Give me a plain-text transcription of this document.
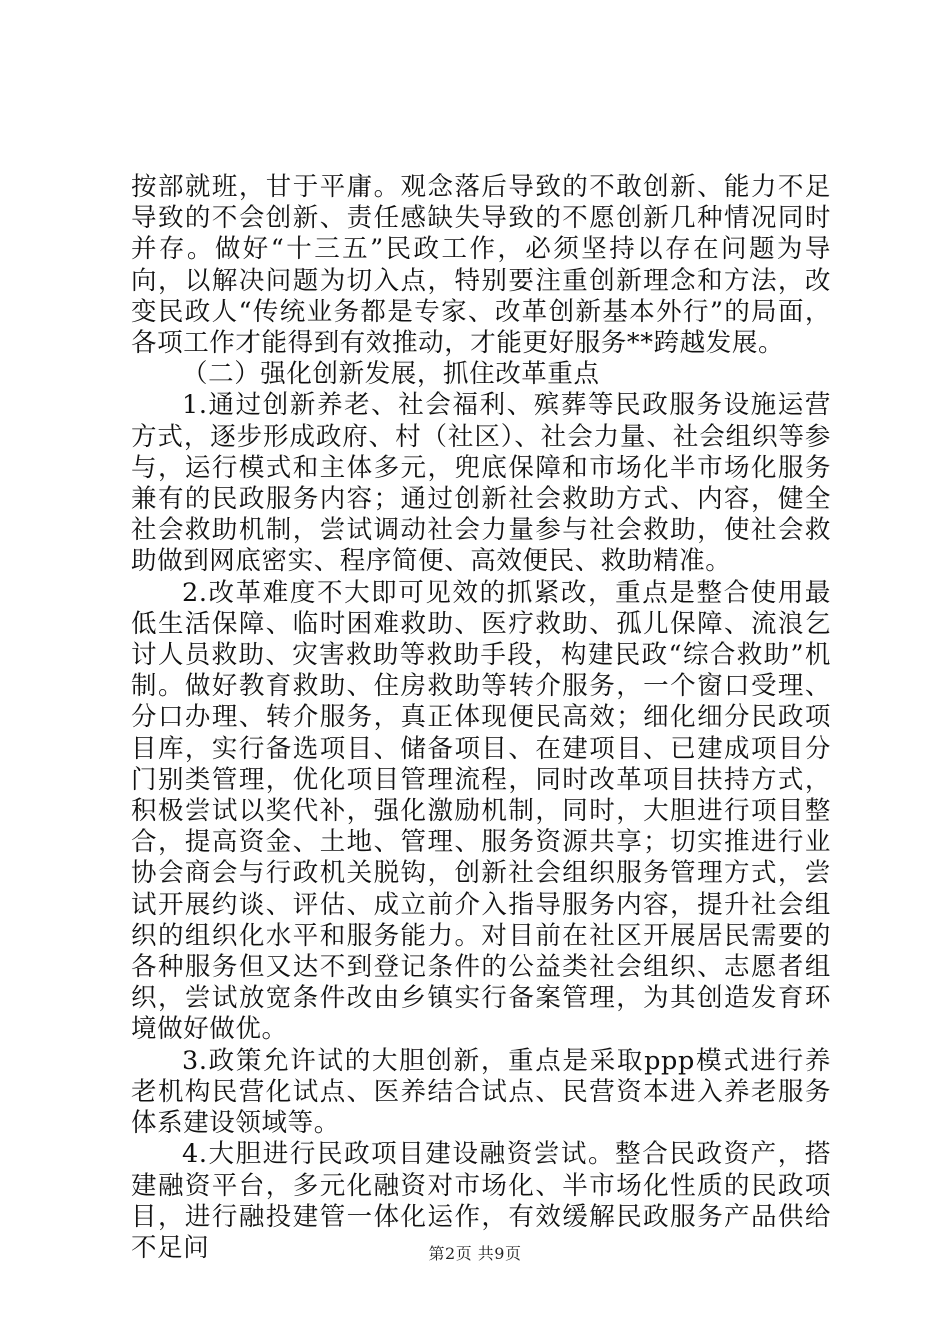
按部就班，甘于平庸。观念落后导致的不敢创新、能力不足导致的不会创新、责任感缺失导致的不愿创新几种情况同时并存。做好“十三五”民政工作，必须坚持以存在问题为导向，以解决问题为切入点，特别要注重创新理念和方法，改变民政人“传统业务都是专家、改革创新基本外行”的局面，各项工作才能得到有效推动，才能更好服务**跨越发展。

（二）强化创新发展，抓住改革重点

1.通过创新养老、社会福利、殡葬等民政服务设施运营方式，逐步形成政府、村（社区）、社会力量、社会组织等参与，运行模式和主体多元，兜底保障和市场化半市场化服务兼有的民政服务内容；通过创新社会救助方式、内容，健全社会救助机制，尝试调动社会力量参与社会救助，使社会救助做到网底密实、程序简便、高效便民、救助精准。

2.改革难度不大即可见效的抓紧改，重点是整合使用最低生活保障、临时困难救助、医疗救助、孤儿保障、流浪乞讨人员救助、灾害救助等救助手段，构建民政“综合救助”机制。做好教育救助、住房救助等转介服务，一个窗口受理、分口办理、转介服务，真正体现便民高效；细化细分民政项目库，实行备选项目、储备项目、在建项目、已建成项目分门别类管理，优化项目管理流程，同时改革项目扶持方式，积极尝试以奖代补，强化激励机制，同时，大胆进行项目整合，提高资金、土地、管理、服务资源共享；切实推进行业协会商会与行政机关脱钩，创新社会组织服务管理方式，尝试开展约谈、评估、成立前介入指导服务内容，提升社会组织的组织化水平和服务能力。对目前在社区开展居民需要的各种服务但又达不到登记条件的公益类社会组织、志愿者组织，尝试放宽条件改由乡镇实行备案管理，为其创造发育环境做好做优。

3.政策允许试的大胆创新，重点是采取ppp模式进行养老机构民营化试点、医养结合试点、民营资本进入养老服务体系建设领域等。

4.大胆进行民政项目建设融资尝试。整合民政资产，搭建融资平台，多元化融资对市场化、半市场化性质的民政项目，进行融投建管一体化运作，有效缓解民政服务产品供给不足问	第2页 共9页
